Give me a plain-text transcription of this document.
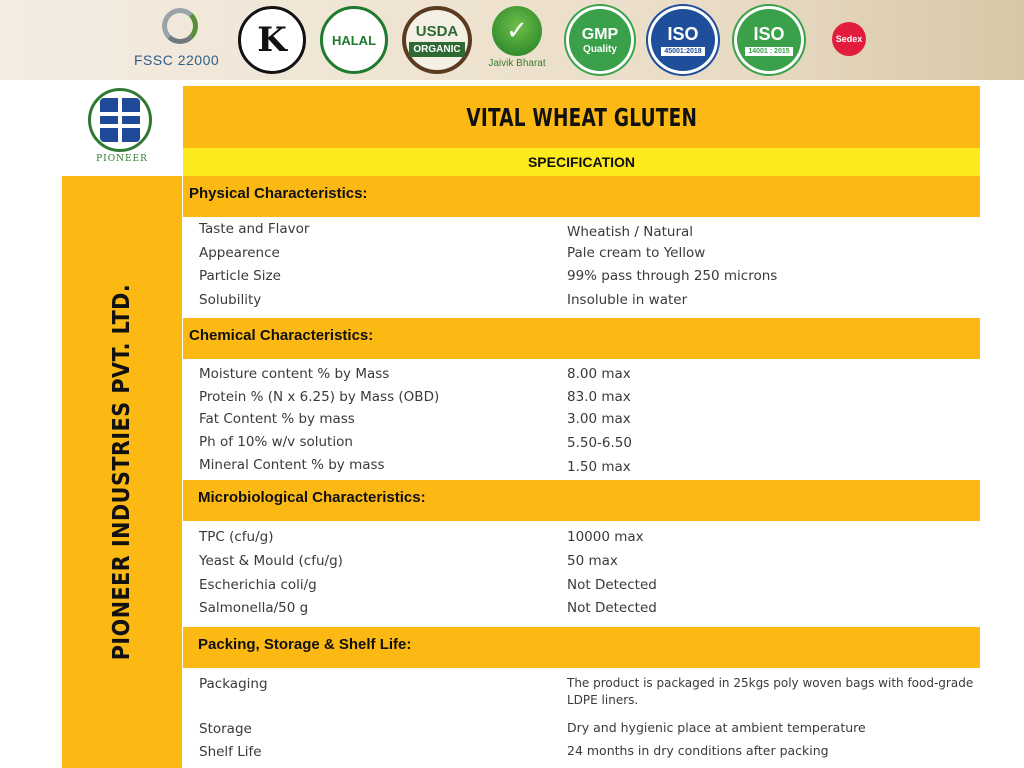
FSSC 22000	K	HALAL	USDA
ORGANIC
✓
Jaivik Bharat
GMP
Quality
ISO
45001:2018
ISO
14001 : 2015
Sedex
PIONEER
PIONEER INDUSTRIES PVT. LTD.
VITAL WHEAT GLUTEN
SPECIFICATION
Physical Characteristics:
Taste and Flavor	Wheatish / Natural
Appearence	Pale cream to Yellow
Particle Size	99% pass through 250 microns
Solubility	Insoluble in water
Chemical Characteristics:
Moisture content % by Mass	8.00 max
Protein % (N x 6.25) by Mass (OBD)	83.0 max
Fat Content % by mass	3.00 max
Ph of 10% w/v solution	5.50-6.50
Mineral Content % by mass	1.50 max
Microbiological Characteristics:
TPC (cfu/g)	10000 max
Yeast & Mould (cfu/g)	50 max
Escherichia coli/g	Not Detected
Salmonella/50 g	Not Detected
Packing, Storage & Shelf Life:
Packaging	The product is packaged in 25kgs poly woven bags with food-grade LDPE liners.
Storage	Dry and hygienic place at ambient temperature
Shelf Life	24 months in dry conditions after packing
